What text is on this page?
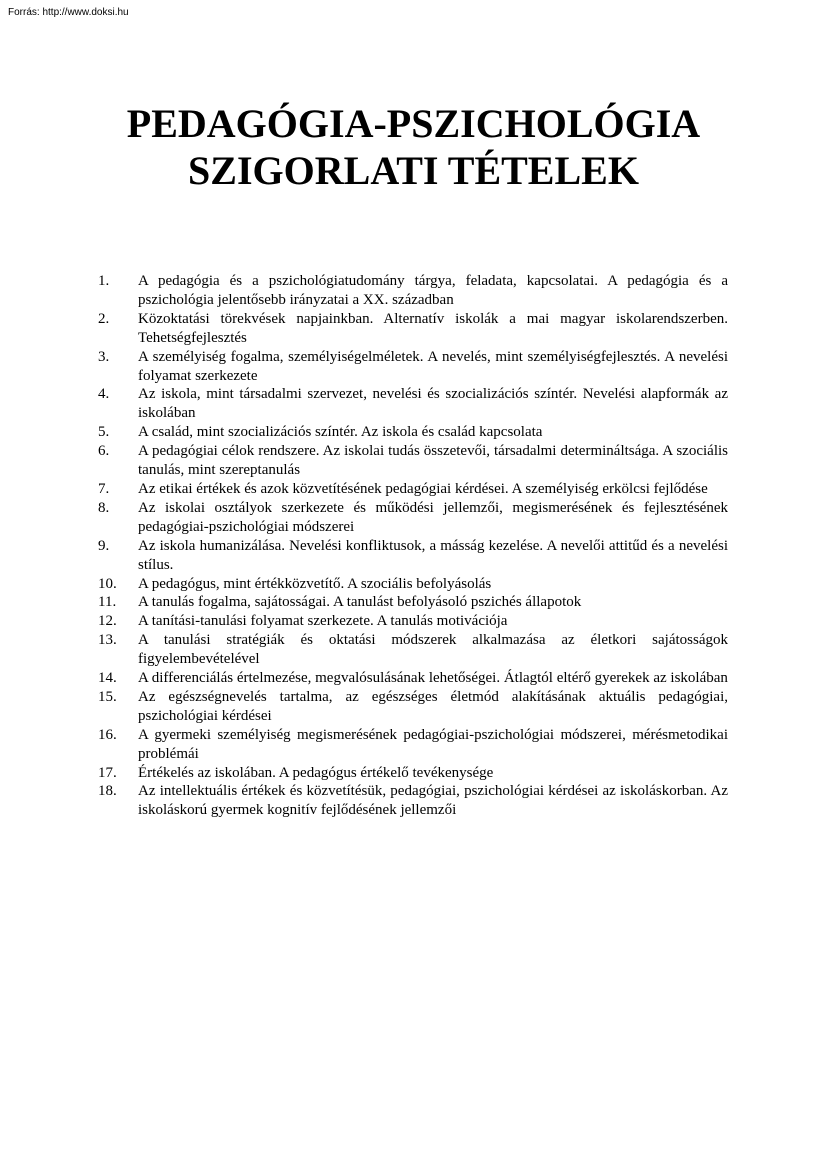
Forrás: http://www.doksi.hu
PEDAGÓGIA-PSZICHOLÓGIA
SZIGORLATI TÉTELEK
1.	A pedagógia és a pszichológiatudomány tárgya, feladata, kapcsolatai. A pedagógia és a pszichológia jelentősebb irányzatai a XX. században
2.	Közoktatási törekvések napjainkban. Alternatív iskolák a mai magyar iskolarendszerben. Tehetségfejlesztés
3.	A személyiség fogalma, személyiségelméletek. A nevelés, mint személyiségfejlesztés. A nevelési folyamat szerkezete
4.	Az iskola, mint társadalmi szervezet, nevelési és szocializációs színtér. Nevelési alapformák az iskolában
5.	A család, mint szocializációs színtér. Az iskola és család kapcsolata
6.	A pedagógiai célok rendszere. Az iskolai tudás összetevői, társadalmi determináltsága. A szociális tanulás, mint szereptanulás
7.	Az etikai értékek és azok közvetítésének pedagógiai kérdései. A személyiség erkölcsi fejlődése
8.	Az iskolai osztályok szerkezete és működési jellemzői, megismerésének és fejlesztésének pedagógiai-pszichológiai módszerei
9.	Az iskola humanizálása. Nevelési konfliktusok, a másság kezelése. A nevelői attitűd és a nevelési stílus.
10.	A pedagógus, mint értékközvetítő. A szociális befolyásolás
11.	A tanulás fogalma, sajátosságai. A tanulást befolyásoló pszichés állapotok
12.	A tanítási-tanulási folyamat szerkezete. A tanulás motivációja
13.	A tanulási stratégiák és oktatási módszerek alkalmazása az életkori sajátosságok figyelembevételével
14.	A differenciálás értelmezése, megvalósulásának lehetőségei. Átlagtól eltérő gyerekek az iskolában
15.	Az egészségnevelés tartalma, az egészséges életmód alakításának aktuális pedagógiai, pszichológiai kérdései
16.	A gyermeki személyiség megismerésének pedagógiai-pszichológiai módszerei, mérésmetodikai problémái
17.	Értékelés az iskolában. A pedagógus értékelő tevékenysége
18.	Az intellektuális értékek és közvetítésük, pedagógiai, pszichológiai kérdései az iskoláskorban. Az iskoláskorú gyermek kognitív fejlődésének jellemzői
